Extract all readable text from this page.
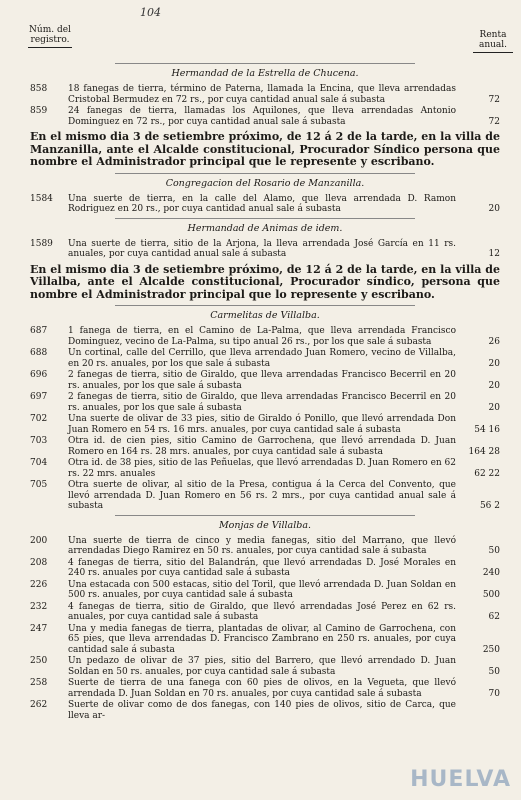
104
Núm. del
registro.	Renta
anual.
Hermandad de la Estrella de Chucena.
858	18 fanegas de tierra, término de Paterna, llamada la Encina, que lleva arrendadas Cristobal Bermudez en 72 rs., por cuya cantidad anual sale á subasta	72
859	24 fanegas de tierra, llamadas los Aquilones, que lleva arrendadas Antonio Dominguez en 72 rs., por cuya cantidad anual sale á subasta	72
En el mismo dia 3 de setiembre próximo, de 12 á 2 de la tarde, en la villa de Manzanilla, ante el Alcalde constitucional, Procurador Síndico persona que nombre el Administrador principal que le represente y escribano.
Congregacion del Rosario de Manzanilla.
1584	Una suerte de tierra, en la calle del Alamo, que lleva arrendada D. Ramon Rodriguez en 20 rs., por cuya cantidad anual sale á subasta	20
Hermandad de Animas de idem.
1589	Una suerte de tierra, sitio de la Arjona, la lleva arrendada José García en 11 rs. anuales, por cuya cantidad anual sale á subasta	12
En el mismo dia 3 de setiembre próximo, de 12 á 2 de la tarde, en la villa de Villalba, ante el Alcalde constitucional, Procurador síndico, persona que nombre el Administrador principal que lo represente y escribano.
Carmelitas de Villalba.
687	1 fanega de tierra, en el Camino de La-Palma, que lleva arrendada Francisco Dominguez, vecino de La-Palma, su tipo anual 26 rs., por los que sale á subasta	26
688	Un cortinal, calle del Cerrillo, que lleva arrendado Juan Romero, vecino de Villalba, en 20 rs. anuales, por los que sale á subasta	20
696	2 fanegas de tierra, sitio de Giraldo, que lleva arrendadas Francisco Becerril en 20 rs. anuales, por los que sale á subasta	20
697	2 fanegas de tierra, sitio de Giraldo, que lleva arrendadas Francisco Becerril en 20 rs. anuales, por los que sale á subasta	20
702	Una suerte de olivar de 33 pies, sitio de Giraldo ó Ponillo, que llevó arrendada Don Juan Romero en 54 rs. 16 mrs. anuales, por cuya cantidad sale á subasta	54 16
703	Otra id. de cien pies, sitio Camino de Garrochena, que llevó arrendada D. Juan Romero en 164 rs. 28 mrs. anuales, por cuya cantidad sale á subasta	164 28
704	Otra id. de 38 pies, sitio de las Peñuelas, que llevó arrendadas D. Juan Romero en 62 rs. 22 mrs. anuales	62 22
705	Otra suerte de olivar, al sitio de la Presa, contigua á la Cerca del Convento, que llevó arrendada D. Juan Romero en 56 rs. 2 mrs., por cuya cantidad anual sale á subasta	56 2
Monjas de Villalba.
200	Una suerte de tierra de cinco y media fanegas, sitio del Marrano, que llevó arrendadas Diego Ramirez en 50 rs. anuales, por cuya cantidad sale á subasta	50
208	4 fanegas de tierra, sitio del Balandrán, que llevó arrendadas D. José Morales en 240 rs. anuales por cuya cantidad sale á subasta	240
226	Una estacada con 500 estacas, sitio del Toril, que llevó arrendada D. Juan Soldan en 500 rs. anuales, por cuya cantidad sale á subasta	500
232	4 fanegas de tierra, sitio de Giraldo, que llevó arrendadas José Perez en 62 rs. anuales, por cuya cantidad sale á subasta	62
247	Una y media fanegas de tierra, plantadas de olivar, al Camino de Garrochena, con 65 pies, que lleva arrendadas D. Francisco Zambrano en 250 rs. anuales, por cuya cantidad sale á subasta	250
250	Un pedazo de olivar de 37 pies, sitio del Barrero, que llevó arrendado D. Juan Soldan en 50 rs. anuales, por cuya cantidad sale á subasta	50
258	Suerte de tierra de una fanega con 60 pies de olivos, en la Vegueta, que llevó arrendada D. Juan Soldan en 70 rs. anuales, por cuya cantidad sale á subasta	70
262	Suerte de olivar como de dos fanegas, con 140 pies de olivos, sitio de Carca, que lleva ar-
HUELVA
